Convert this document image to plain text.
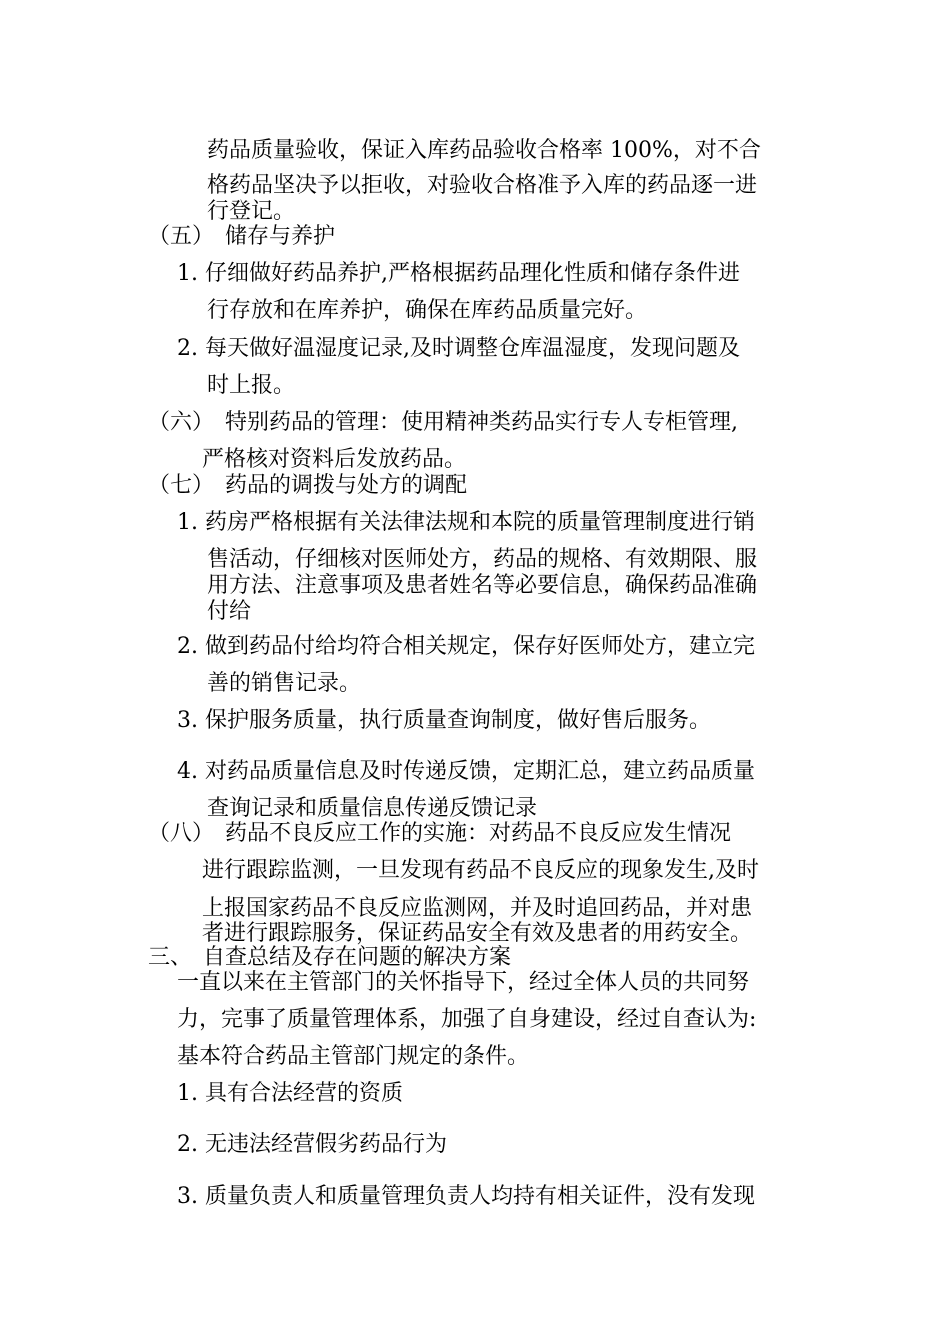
药品质量验收，保证入库药品验收合格率 100%，对不合
格药品坚决予以拒收，对验收合格准予入库的药品逐一进
行登记。
（五）　储存与养护
1. 仔细做好药品养护,严格根据药品理化性质和储存条件进
行存放和在库养护，确保在库药品质量完好。
2. 每天做好温湿度记录,及时调整仓库温湿度，发现问题及
时上报。
（六）　特别药品的管理：使用精神类药品实行专人专柜管理,
严格核对资料后发放药品。
（七）　药品的调拨与处方的调配
1. 药房严格根据有关法律法规和本院的质量管理制度进行销
售活动，仔细核对医师处方，药品的规格、有效期限、服
用方法、注意事项及患者姓名等必要信息，确保药品准确
付给
2. 做到药品付给均符合相关规定，保存好医师处方，建立完
善的销售记录。
3. 保护服务质量，执行质量查询制度，做好售后服务。
4. 对药品质量信息及时传递反馈，定期汇总，建立药品质量
查询记录和质量信息传递反馈记录
（八）　药品不良反应工作的实施：对药品不良反应发生情况
进行跟踪监测，一旦发现有药品不良反应的现象发生,及时
上报国家药品不良反应监测网，并及时追回药品，并对患
者进行跟踪服务，保证药品安全有效及患者的用药安全。
三、　自查总结及存在问题的解决方案
一直以来在主管部门的关怀指导下，经过全体人员的共同努
力，完事了质量管理体系，加强了自身建设，经过自查认为:
基本符合药品主管部门规定的条件。
1. 具有合法经营的资质
2. 无违法经营假劣药品行为
3. 质量负责人和质量管理负责人均持有相关证件，没有发现
